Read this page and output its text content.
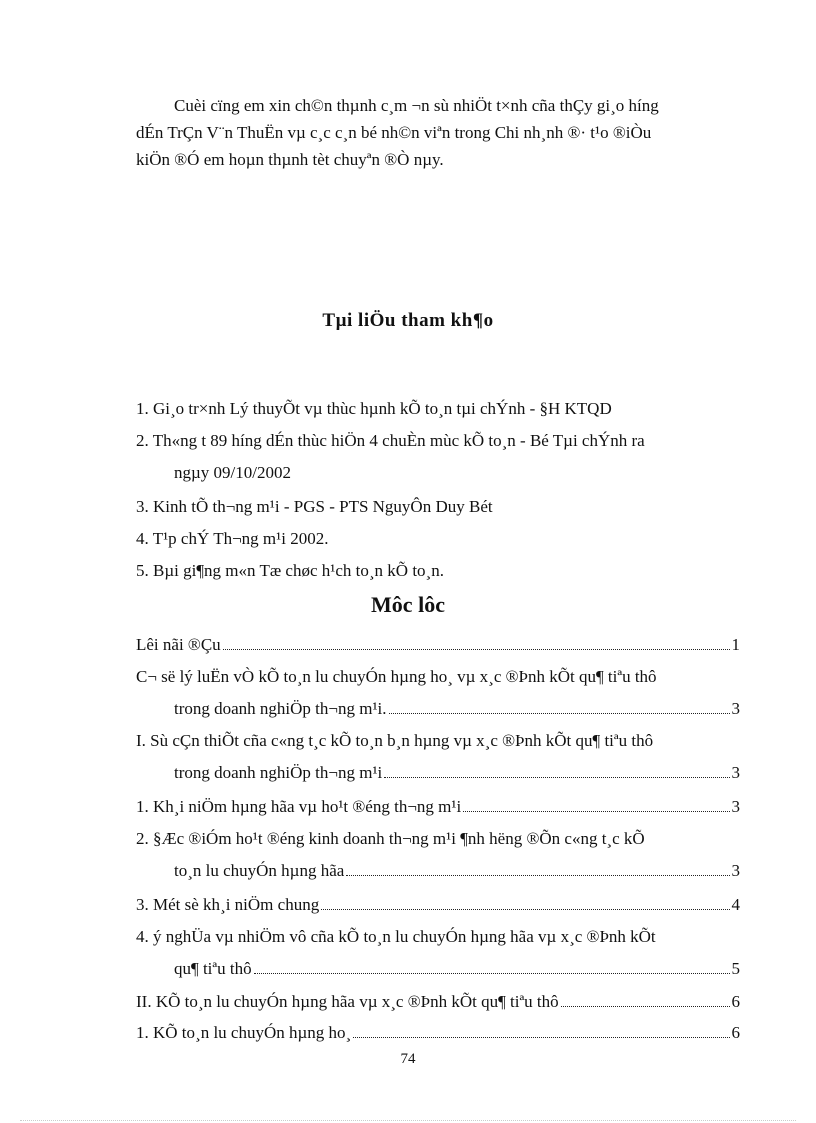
Cuèi cïng em xin ch©n thµnh c¸m ¬n sù nhiÖt t×nh cña thÇy gi¸o híng
dÉn TrÇn V¨n ThuËn vµ c¸c c¸n bé nh©n viªn trong Chi nh¸nh ®· t¹o ®iÒu
kiÖn ®Ó em hoµn thµnh tèt chuyªn ®Ò nµy.
Tµi liÖu tham kh¶o
1. Gi¸o tr×nh Lý thuyÕt vµ thùc hµnh kÕ to¸n tµi chÝnh - §H KTQD
2. Th«ng t 89 híng dÉn thùc hiÖn 4 chuÈn mùc kÕ to¸n - Bé Tµi chÝnh ra
ngµy 09/10/2002
3. Kinh tÕ th¬ng m¹i - PGS - PTS NguyÔn Duy Bét
4. T¹p chÝ Th¬ng m¹i 2002.
5. Bµi gi¶ng m«n Tæ chøc h¹ch to¸n kÕ to¸n.
Môc lôc
Lêi nãi ®Çu	1
C¬ së lý luËn vÒ kÕ to¸n lu chuyÓn hµng ho¸ vµ x¸c ®Þnh kÕt qu¶ tiªu thô
trong doanh nghiÖp th¬ng m¹i.	3
I. Sù cÇn thiÕt cña c«ng t¸c kÕ to¸n b¸n hµng vµ x¸c ®Þnh kÕt qu¶ tiªu thô
trong doanh nghiÖp th¬ng m¹i	3
1. Kh¸i niÖm hµng hãa vµ ho¹t ®éng th¬ng m¹i	3
2. §Æc ®iÓm ho¹t ®éng kinh doanh th¬ng m¹i ¶nh hëng ®Õn c«ng t¸c kÕ
to¸n lu chuyÓn hµng hãa	3
3. Mét sè kh¸i niÖm chung	4
4. ý nghÜa vµ nhiÖm vô cña kÕ to¸n lu chuyÓn hµng hãa vµ x¸c ®Þnh kÕt
qu¶ tiªu thô	5
II. KÕ to¸n lu chuyÓn hµng hãa vµ x¸c ®Þnh kÕt qu¶ tiªu thô	6
1. KÕ to¸n lu chuyÓn hµng ho¸	6
74
